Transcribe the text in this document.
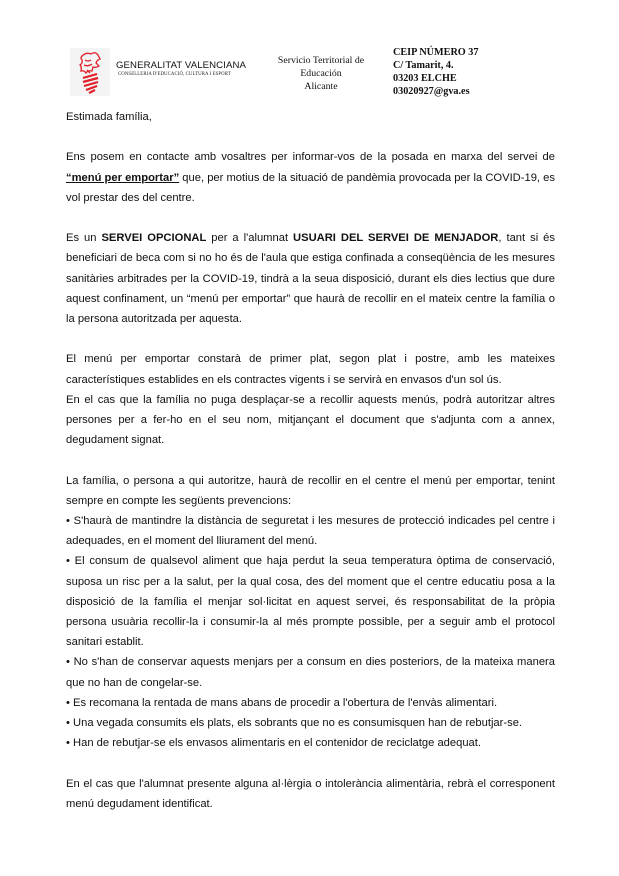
GENERALITAT VALENCIANA
CONSELLERIA D'EDUCACIÓ, CULTURA I ESPORT
Servicio Territorial de
Educación
Alicante
CEIP NÚMERO 37
C/ Tamarit, 4.
03203 ELCHE
03020927@gva.es

Estimada família,

Ens posem en contacte amb vosaltres per informar-vos de la posada en marxa del servei de “menú per emportar” que, per motius de la situació de pandèmia provocada per la COVID-19, es vol prestar des del centre.

Es un SERVEI OPCIONAL per a l'alumnat USUARI DEL SERVEI DE MENJADOR, tant si és beneficiari de beca com si no ho és de l'aula que estiga confinada a conseqüència de les mesures sanitàries arbitrades per la COVID-19, tindrà a la seua disposició, durant els dies lectius que dure aquest confinament, un “menú per emportar” que haurà de recollir en el mateix centre la família o la persona autoritzada per aquesta.

El menú per emportar constarà de primer plat, segon plat i postre, amb les mateixes característiques establides en els contractes vigents i se servirà en envasos d'un sol ús.

En el cas que la família no puga desplaçar-se a recollir aquests menús, podrà autoritzar altres persones per a fer-ho en el seu nom, mitjançant el document que s'adjunta com a annex, degudament signat.

La família, o persona a qui autoritze, haurà de recollir en el centre el menú per emportar, tenint sempre en compte les següents prevencions:

• S'haurà de mantindre la distància de seguretat i les mesures de protecció indicades pel centre i adequades, en el moment del lliurament del menú.

• El consum de qualsevol aliment que haja perdut la seua temperatura òptima de conservació, suposa un risc per a la salut, per la qual cosa, des del moment que el centre educatiu posa a la disposició de la família el menjar sol·licitat en aquest servei, és responsabilitat de la pròpia persona usuària recollir-la i consumir-la al més prompte possible, per a seguir amb el protocol sanitari establit.

• No s'han de conservar aquests menjars per a consum en dies posteriors, de la mateixa manera que no han de congelar-se.

• Es recomana la rentada de mans abans de procedir a l'obertura de l'envàs alimentari.

• Una vegada consumits els plats, els sobrants que no es consumisquen han de rebutjar-se.

• Han de rebutjar-se els envasos alimentaris en el contenidor de reciclatge adequat.

En el cas que l'alumnat presente alguna al·lèrgia o intolerància alimentària, rebrà el corresponent menú degudament identificat.
